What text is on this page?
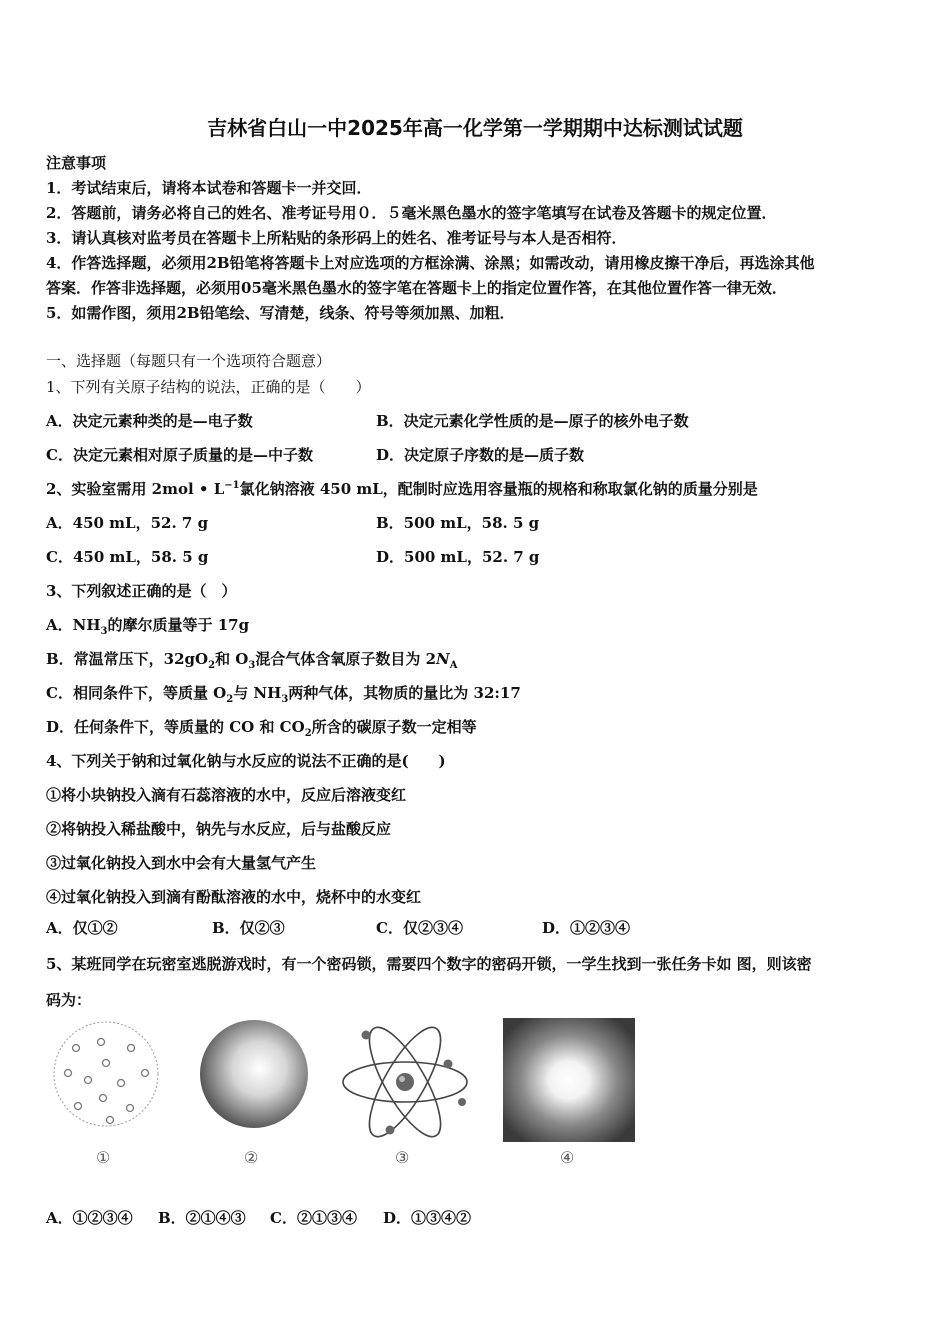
吉林省白山一中2025年高一化学第一学期期中达标测试试题
注意事项
1．考试结束后，请将本试卷和答题卡一并交回．
2．答题前，请务必将自己的姓名、准考证号用０．５毫米黑色墨水的签字笔填写在试卷及答题卡的规定位置．
3．请认真核对监考员在答题卡上所粘贴的条形码上的姓名、准考证号与本人是否相符．
4．作答选择题，必须用2B铅笔将答题卡上对应选项的方框涂满、涂黑；如需改动，请用橡皮擦干净后，再选涂其他
答案．作答非选择题，必须用05毫米黑色墨水的签字笔在答题卡上的指定位置作答，在其他位置作答一律无效．
5．如需作图，须用2B铅笔绘、写清楚，线条、符号等须加黑、加粗．
一、选择题（每题只有一个选项符合题意）
1、下列有关原子结构的说法，正确的是（　　）
A．决定元素种类的是—电子数	B．决定元素化学性质的是—原子的核外电子数
C．决定元素相对原子质量的是—中子数	D．决定原子序数的是—质子数
2、实验室需用 2mol • $L^{-1}$氯化钠溶液 450 mL，配制时应选用容量瓶的规格和称取氯化钠的质量分别是
A．450 mL，52. 7 g	B．500 mL，58. 5 g
C．450 mL，58. 5 g	D．500 mL，52. 7 g
3、下列叙述正确的是（　）
A．$NH_3$的摩尔质量等于 17g
B．常温常压下，$32gO_2$和 $O_3$混合气体含氧原子数目为 $2N_A$
C．相同条件下，等质量 $O_2$与 $NH_3$两种气体，其物质的量比为 32:17
D．任何条件下，等质量的 CO 和 $CO_2$所含的碳原子数一定相等
4、下列关于钠和过氧化钠与水反应的说法不正确的是(　　)
①将小块钠投入滴有石蕊溶液的水中，反应后溶液变红
②将钠投入稀盐酸中，钠先与水反应，后与盐酸反应
③过氧化钠投入到水中会有大量氢气产生
④过氧化钠投入到滴有酚酞溶液的水中，烧杯中的水变红
A．仅①②	B．仅②③	C．仅②③④	D．①②③④
5、某班同学在玩密室逃脱游戏时，有一个密码锁，需要四个数字的密码开锁，一学生找到一张任务卡如 图，则该密
码为：
①	②	③	④
A．①②③④ B．②①④③ C．②①③④ D．①③④②
